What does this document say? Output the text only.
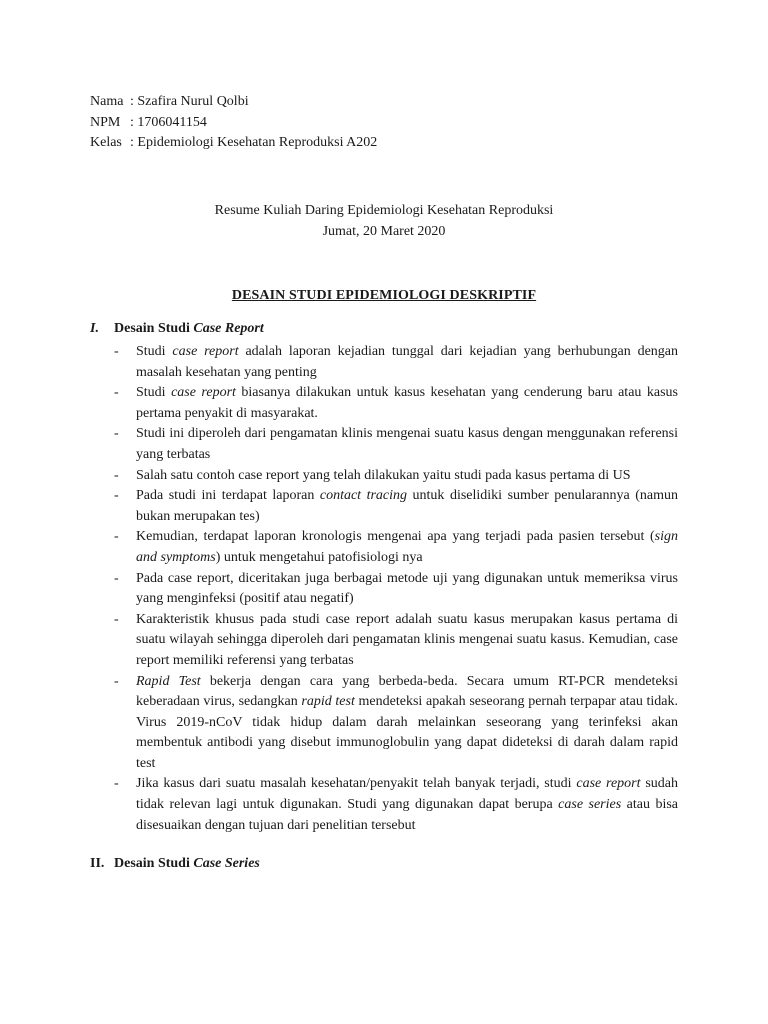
Nama : Szafira Nurul Qolbi
NPM : 1706041154
Kelas : Epidemiologi Kesehatan Reproduksi A202
Resume Kuliah Daring Epidemiologi Kesehatan Reproduksi
Jumat, 20 Maret 2020
DESAIN STUDI EPIDEMIOLOGI DESKRIPTIF
I. Desain Studi Case Report
-	Studi case report adalah laporan kejadian tunggal dari kejadian yang berhubungan dengan masalah kesehatan yang penting
-	Studi case report biasanya dilakukan untuk kasus kesehatan yang cenderung baru atau kasus pertama penyakit di masyarakat.
-	Studi ini diperoleh dari pengamatan klinis mengenai suatu kasus dengan menggunakan referensi yang terbatas
-	Salah satu contoh case report yang telah dilakukan yaitu studi pada kasus pertama di US
-	Pada studi ini terdapat laporan contact tracing untuk diselidiki sumber penularannya (namun bukan merupakan tes)
-	Kemudian, terdapat laporan kronologis mengenai apa yang terjadi pada pasien tersebut (sign and symptoms) untuk mengetahui patofisiologi nya
-	Pada case report, diceritakan juga berbagai metode uji yang digunakan untuk memeriksa virus yang menginfeksi (positif atau negatif)
-	Karakteristik khusus pada studi case report adalah suatu kasus merupakan kasus pertama di suatu wilayah sehingga diperoleh dari pengamatan klinis mengenai suatu kasus. Kemudian, case report memiliki referensi yang terbatas
-	Rapid Test bekerja dengan cara yang berbeda-beda. Secara umum RT-PCR mendeteksi keberadaan virus, sedangkan rapid test mendeteksi apakah seseorang pernah terpapar atau tidak. Virus 2019-nCoV tidak hidup dalam darah melainkan seseorang yang terinfeksi akan membentuk antibodi yang disebut immunoglobulin yang dapat dideteksi di darah dalam rapid test
-	Jika kasus dari suatu masalah kesehatan/penyakit telah banyak terjadi, studi case report sudah tidak relevan lagi untuk digunakan. Studi yang digunakan dapat berupa case series atau bisa disesuaikan dengan tujuan dari penelitian tersebut
II. Desain Studi Case Series
